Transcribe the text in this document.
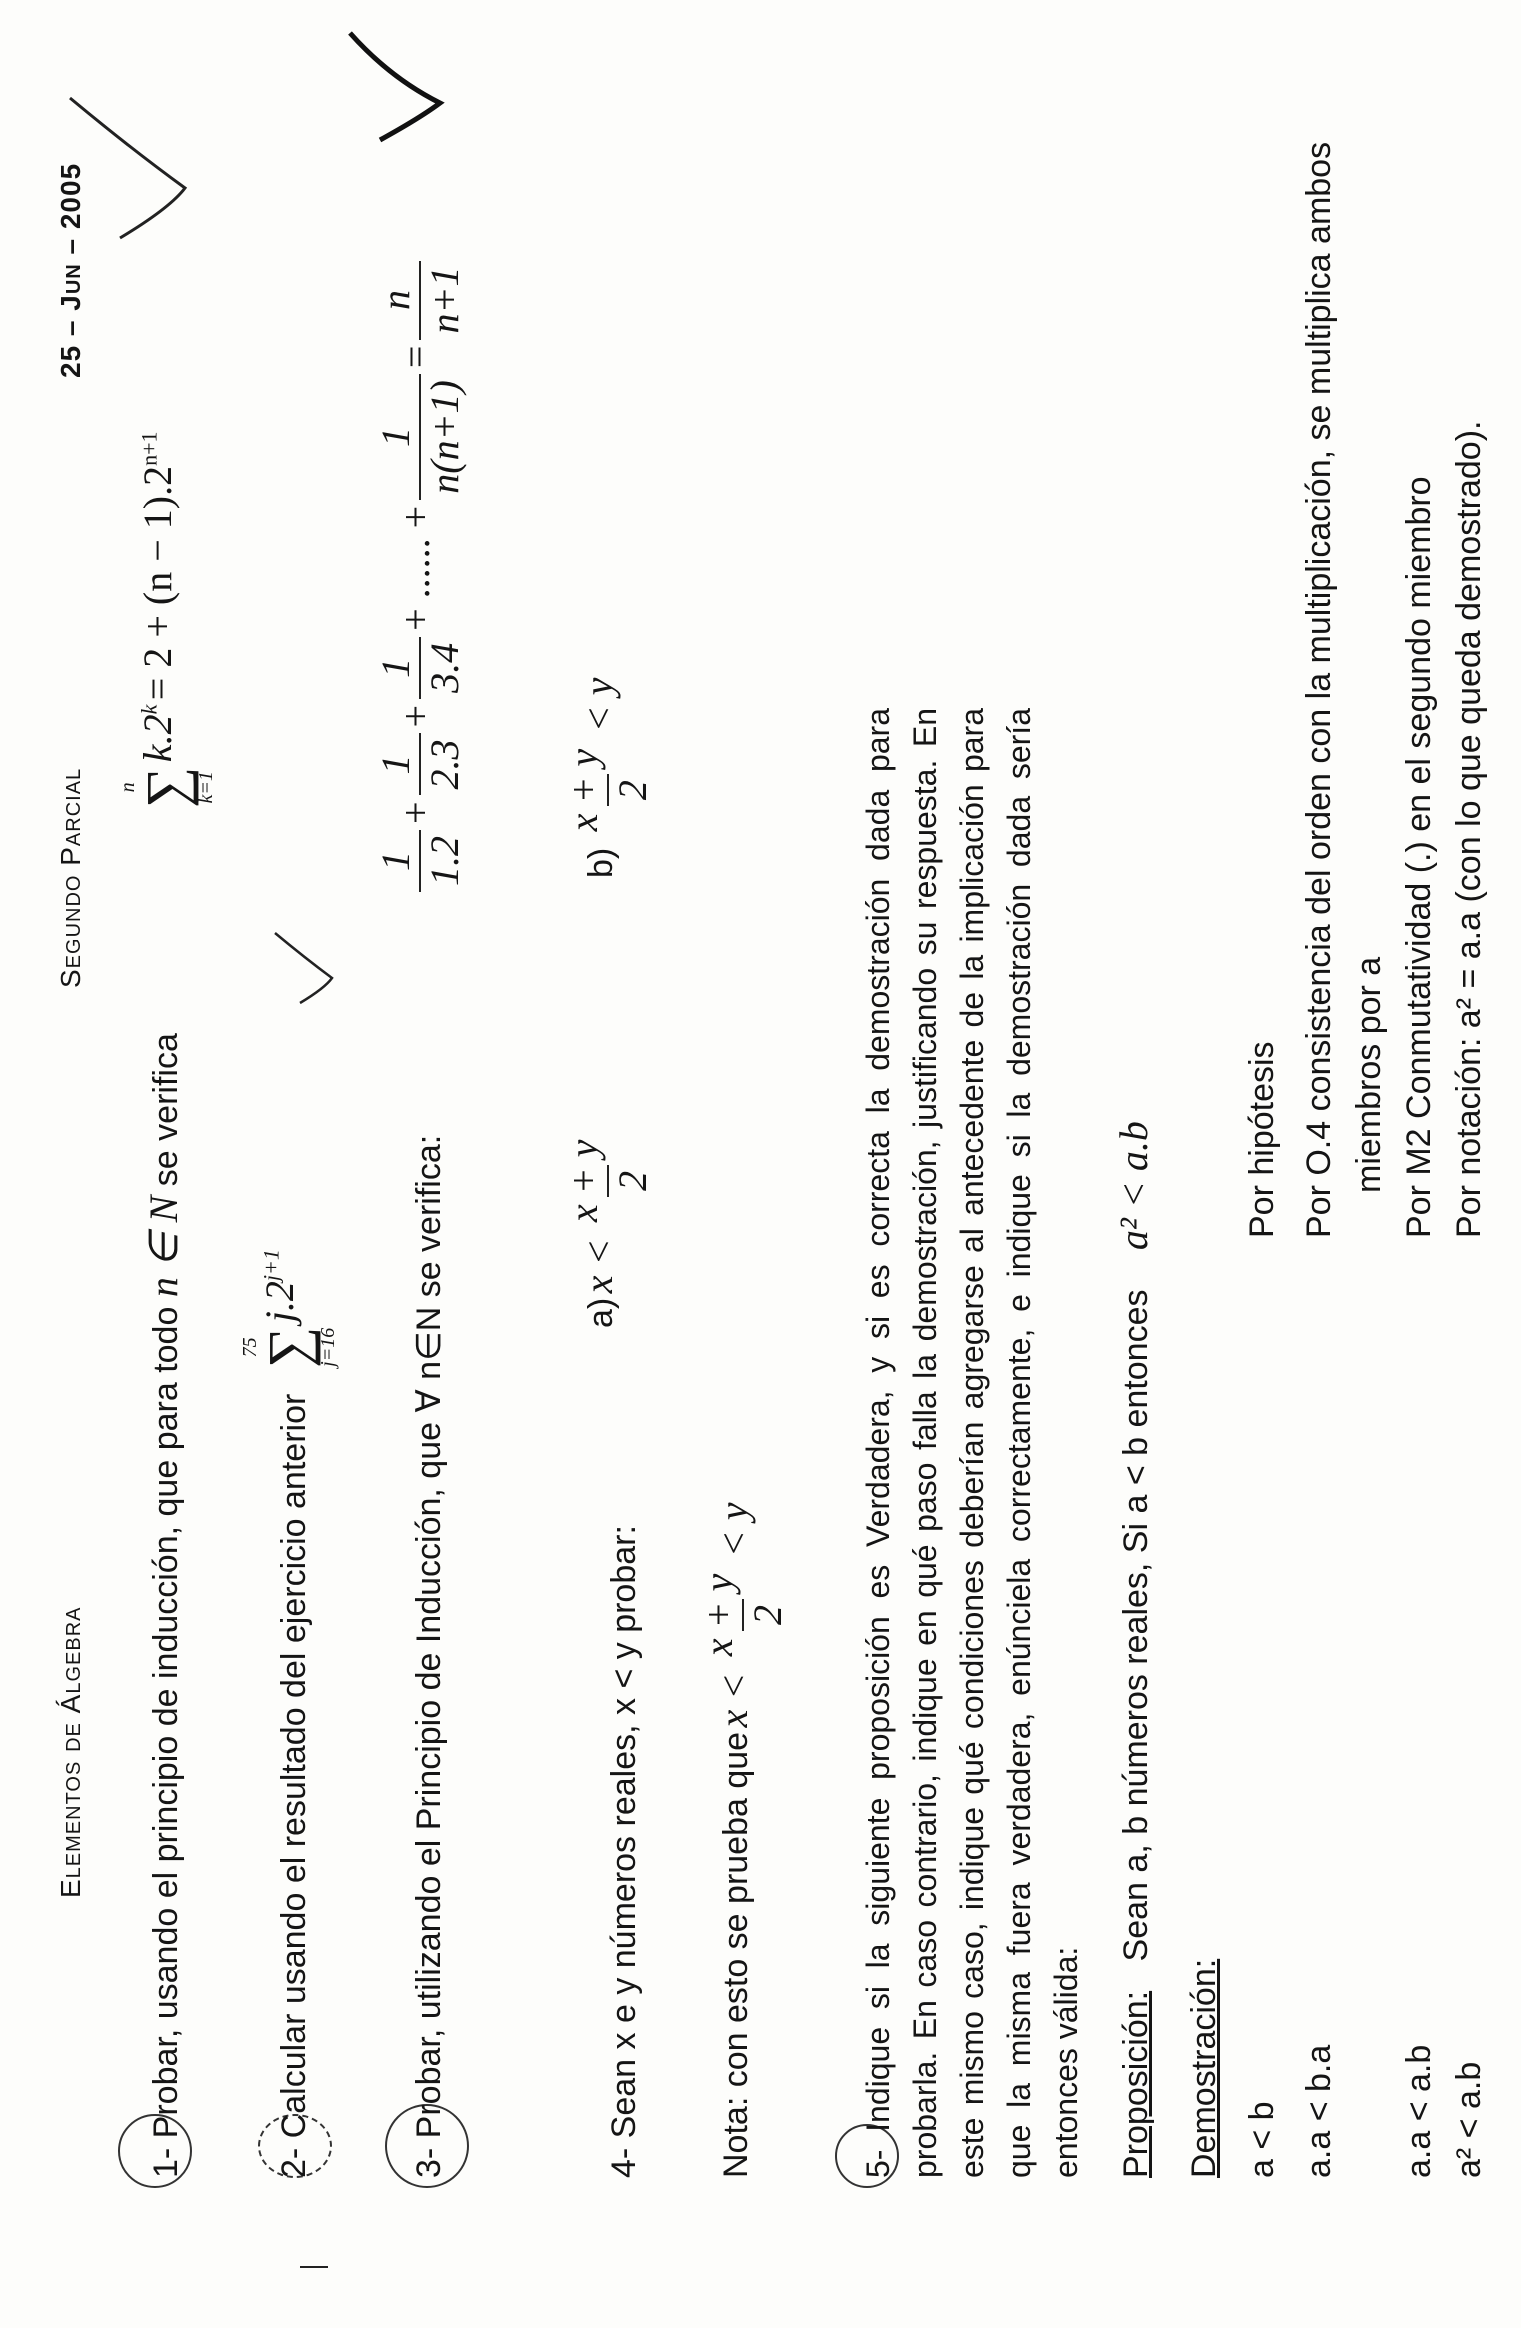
Elementos de Álgebra
Segundo Parcial
25 – Jun – 2005
1- Probar, usando el principio de inducción, que para todo n ∈ N se verifica
n
∑
k=1
$k.2^k = 2 + (n - 1).2^{n+1}$
2- Calcular usando el resultado del ejercicio anterior
75
∑
j=16
$j.2^{j+1}$	3- Probar, utilizando el Principio de Inducción, que ∀ n∈N se verifica:
1 1.2
+
1 2.3
+
1 3.4
+ ...... +
1 n(n+1)
=
n n+1
4- Sean x e y números reales, x < y probar:
a) x <
x + y 2
b)
x + y 2
< y
Nota: con esto se prueba que x <
x + y 2
< y	5- Indique si la siguiente proposición es Verdadera, y si es correcta la demostración dada para probarla. En caso contrario, indique en qué paso falla la demostración, justificando su respuesta. En este mismo caso, indique qué condiciones deberían agregarse al antecedente de la implicación para que la misma fuera verdadera, enúnciela correctamente, e indique si la demostración dada sería entonces válida: Proposición: Sean a, b números reales, Si a < b entonces a² < a.b
Demostración: a < b
Por hipótesis
a.a < b.a
Por O.4 consistencia del orden con la multiplicación, se multiplica ambos miembros por a
a.a < a.b
Por M2 Conmutatividad (.) en el segundo miembro
a² < a.b
Por notación: a² = a.a (con lo que queda demostrado).
